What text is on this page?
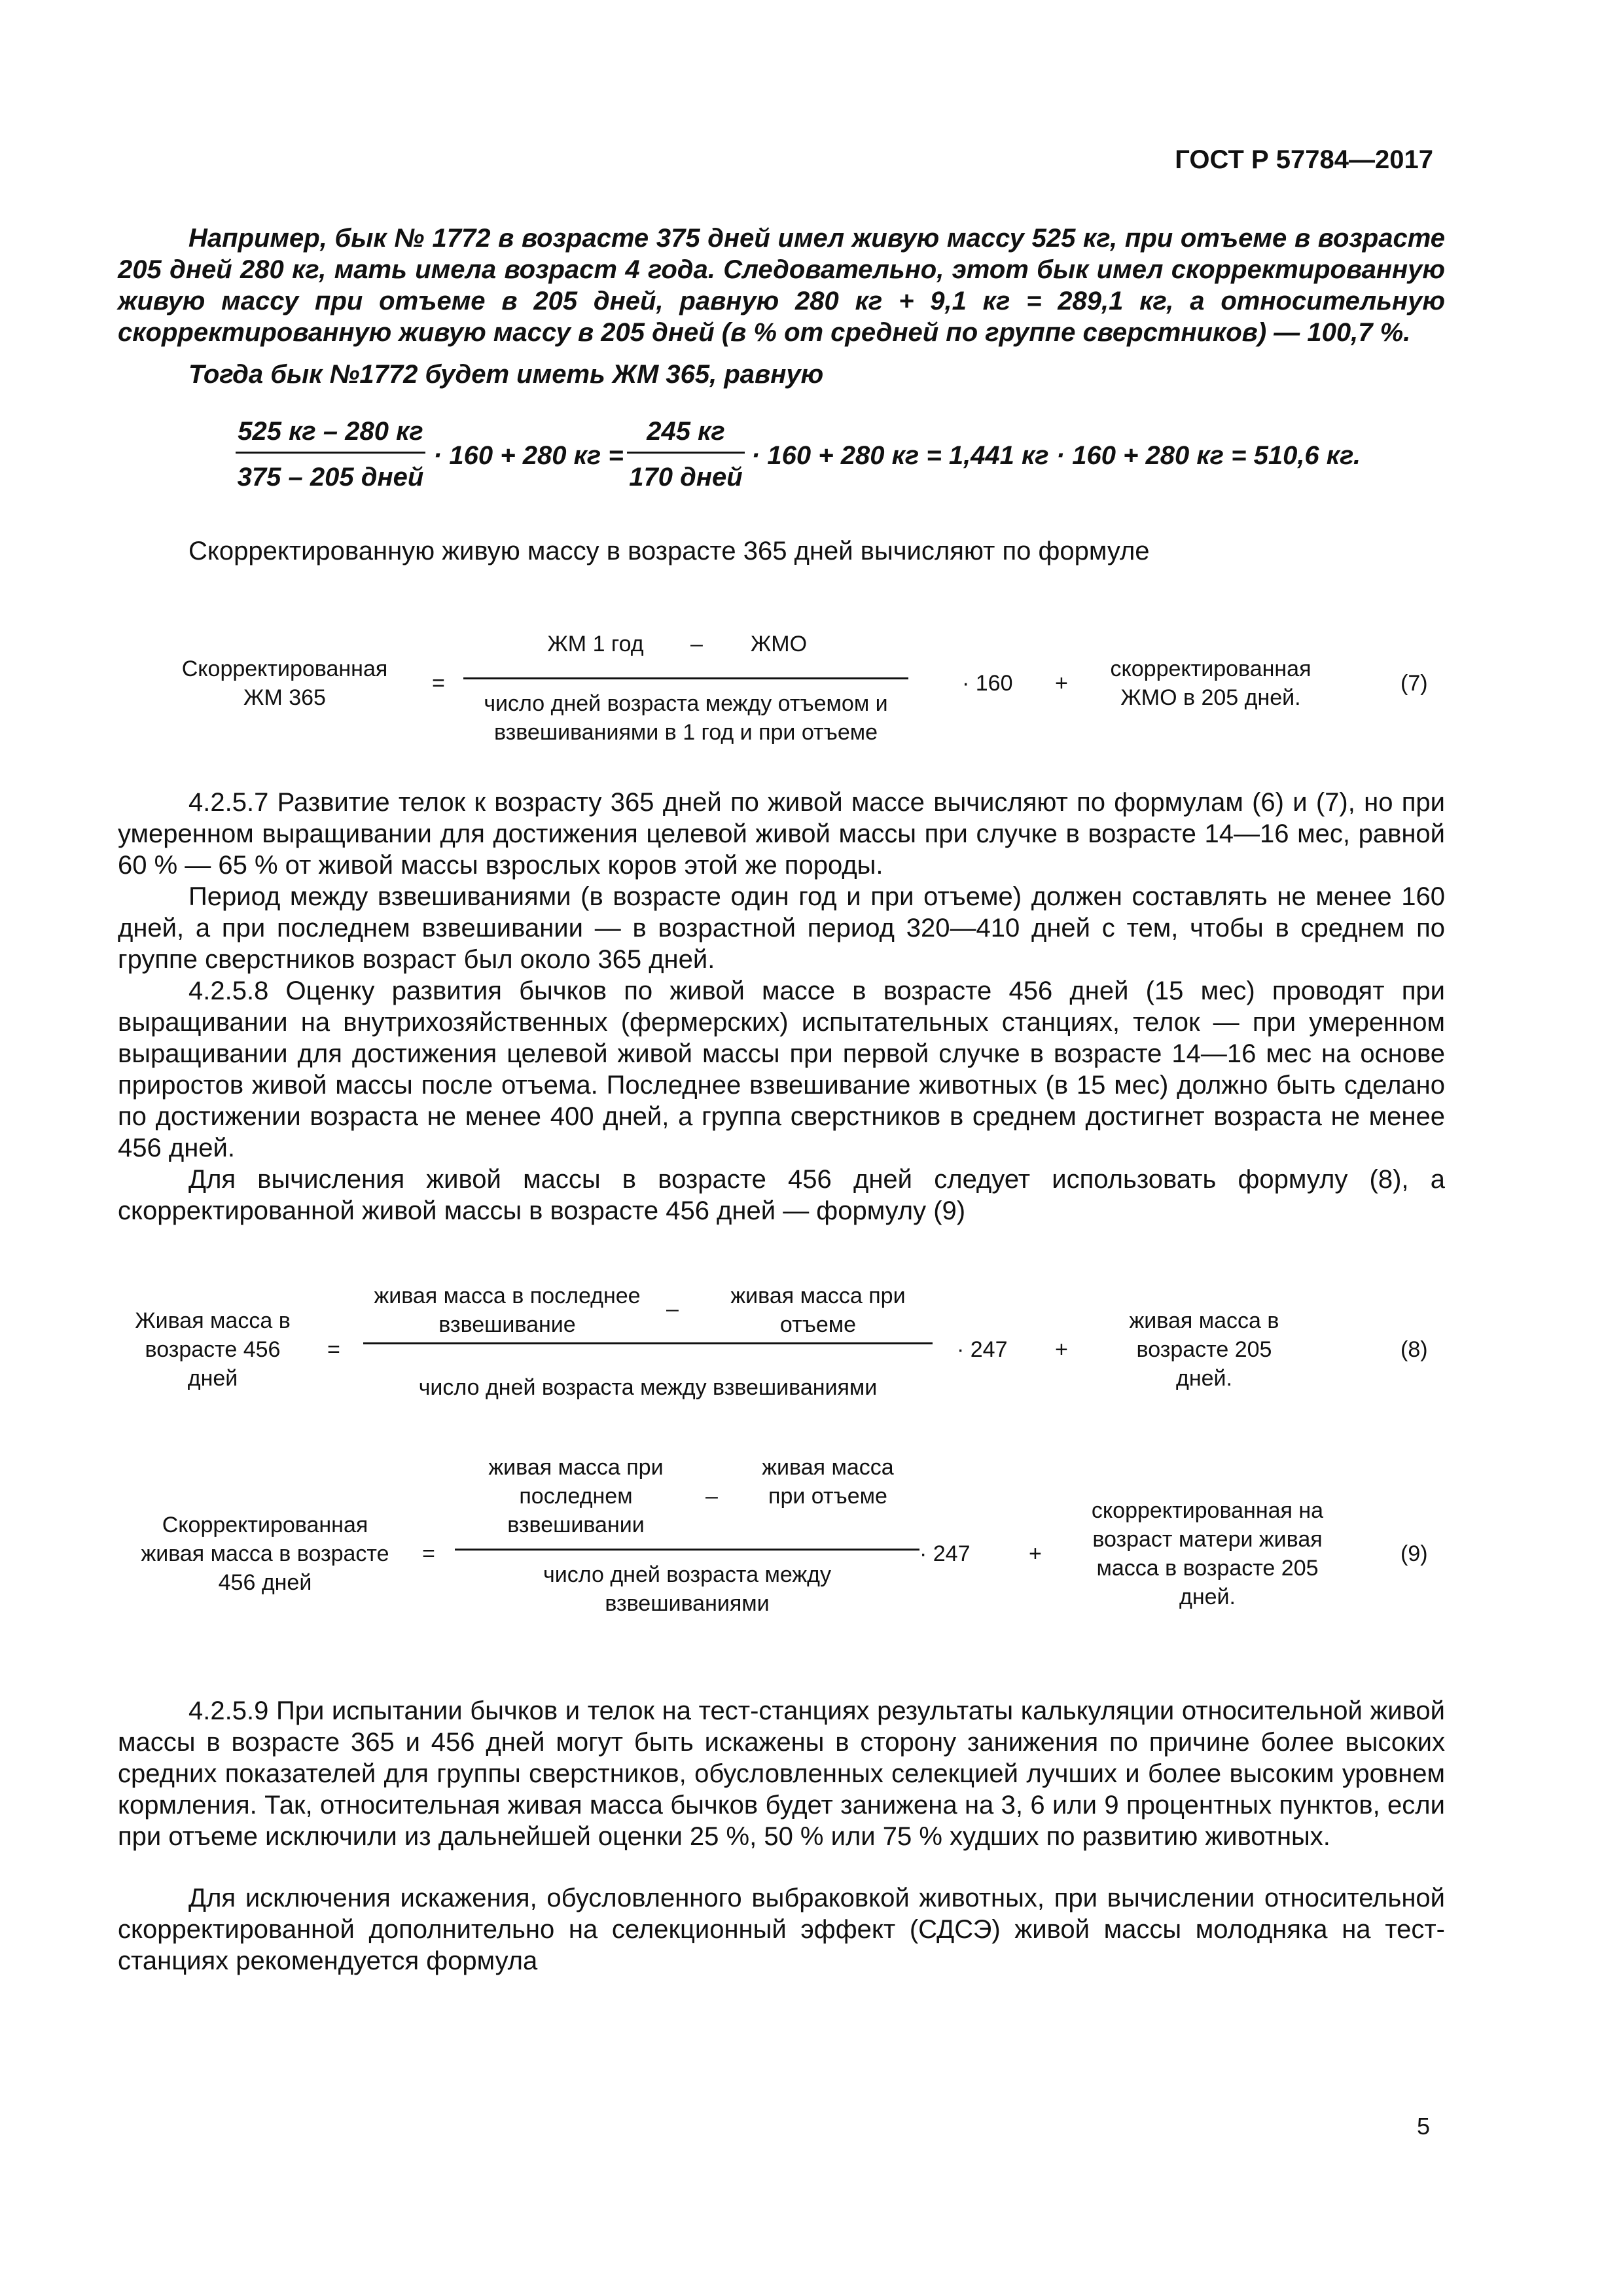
ГОСТ Р 57784—2017
Например, бык № 1772 в возрасте 375 дней имел живую массу 525 кг, при отъеме в возрасте 205 дней 280 кг, мать имела возраст 4 года. Следовательно, этот бык имел скорректированную живую массу при отъеме в 205 дней, равную 280 кг + 9,1 кг = 289,1 кг, а относительную скорректированную живую массу в 205 дней (в % от средней по группе сверстников) — 100,7 %.
Тогда бык №1772 будет иметь ЖМ 365, равную
525 кг – 280 кг
375 – 205 дней
· 160 + 280 кг =
245 кг
170 дней
· 160 + 280 кг = 1,441 кг · 160 + 280 кг = 510,6 кг.
Скорректированную живую массу в возрасте 365 дней вычисляют по формуле
Скорректированная ЖМ 365
=
ЖМ 1 год	–	ЖМО
число дней возраста между отъемом и взвешиваниями в 1 год и при отъеме
· 160 +
скорректированная ЖМО в 205 дней.
(7)
4.2.5.7 Развитие телок к возрасту 365 дней по живой массе вычисляют по формулам (6) и (7), но при умеренном выращивании для достижения целевой живой массы при случке в возрасте 14—16 мес, равной 60 % — 65 % от живой массы взрослых коров этой же породы.
Период между взвешиваниями (в возрасте один год и при отъеме) должен составлять не менее 160 дней, а при последнем взвешивании — в возрастной период 320—410 дней с тем, чтобы в среднем по группе сверстников возраст был около 365 дней.
4.2.5.8 Оценку развития бычков по живой массе в возрасте 456 дней (15 мес) проводят при выращивании на внутрихозяйственных (фермерских) испытательных станциях, телок — при умеренном выращивании для достижения целевой живой массы при первой случке в возрасте 14—16 мес на основе приростов живой массы после отъема. Последнее взвешивание животных (в 15 мес) должно быть сделано по достижении возраста не менее 400 дней, а группа сверстников в среднем достигнет возраста не менее 456 дней.
Для вычисления живой массы в возрасте 456 дней следует использовать формулу (8), а скорректированной живой массы в возрасте 456 дней — формулу (9)
Живая масса в возрасте 456 дней
=
живая масса в последнее взвешивание
–
живая масса при отъеме
число дней возраста между взвешиваниями
· 247 +
живая масса в возрасте 205 дней.
(8)
Скорректированная живая масса в возрасте 456 дней
=
живая масса при последнем взвешивании
–
живая масса при отъеме
число дней возраста между взвешиваниями
· 247	+
скорректированная на возраст матери живая масса в возрасте 205 дней.
(9)
4.2.5.9 При испытании бычков и телок на тест-станциях результаты калькуляции относительной живой массы в возрасте 365 и 456 дней могут быть искажены в сторону занижения по причине более высоких средних показателей для группы сверстников, обусловленных селекцией лучших и более высоким уровнем кормления. Так, относительная живая масса бычков будет занижена на 3, 6 или 9 процентных пунктов, если при отъеме исключили из дальнейшей оценки 25 %, 50 % или 75 % худших по развитию животных.
Для исключения искажения, обусловленного выбраковкой животных, при вычислении относительной скорректированной дополнительно на селекционный эффект (СДСЭ) живой массы молодняка на тест-станциях рекомендуется формула
5
